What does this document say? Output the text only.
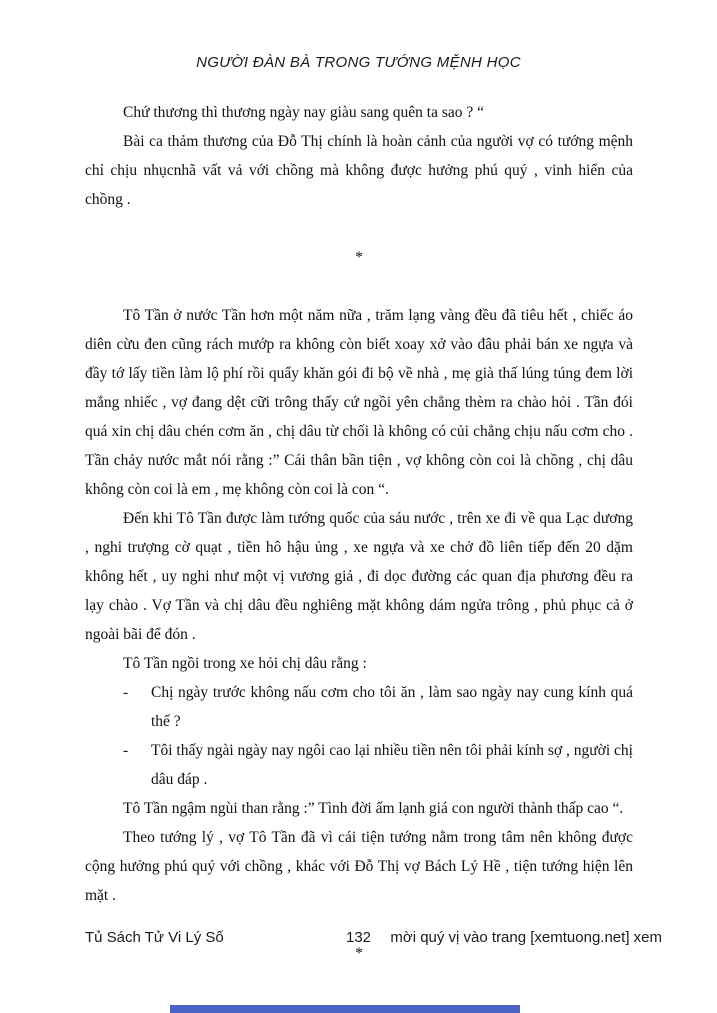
NGƯỜI ĐÀN BÀ TRONG TƯỚNG MỆNH HỌC

Chứ thương thì thương ngày nay giàu sang quên ta sao ? “

Bài ca thảm thương của Đỗ Thị chính là hoàn cảnh của người vợ có tướng mệnh chỉ chịu nhụcnhã vất vả với chồng mà không được hưởng phú quý , vinh hiển của chồng .

*

Tô Tần ở nước Tần hơn một năm nữa , trăm lạng vàng đều đã tiêu hết , chiếc áo diên cừu đen cũng rách mướp ra không còn biết xoay xở vào đâu phải bán xe ngựa và đầy tớ lấy tiền làm lộ phí rồi quẩy khăn gói đi bộ về nhà , mẹ già thấ lúng túng đem lời mắng nhiếc , vợ đang dệt cữi trông thấy cứ ngồi yên chẳng thèm ra chào hỏi . Tần đói quá xin chị dâu chén cơm ăn , chị dâu từ chối là không có củi chẳng chịu nấu cơm cho . Tần chảy nước mắt nói rằng :” Cái thân bần tiện , vợ không còn coi là chồng , chị dâu không còn coi là em , mẹ không còn coi là con “.

Đến khi Tô Tần được làm tướng quốc của sáu nước , trên xe đi về qua Lạc dương , nghi trượng cờ quạt , tiền hô hậu ủng , xe ngựa và xe chở đồ liên tiếp đến 20 dặm không hết , uy nghi như một vị vương giả , đi dọc đường các quan địa phương đều ra lạy chào . Vợ Tần và chị dâu đều nghiêng mặt không dám ngửa trông , phủ phục cả ở ngoài bãi để đón .

Tô Tần ngồi trong xe hỏi chị dâu rằng :

-	Chị ngày trước không nấu cơm cho tôi ăn , làm sao ngày nay cung kính quá thế ?
-	Tôi thấy ngài ngày nay ngôi cao lại nhiều tiền nên tôi phải kính sợ , người chị dâu đáp .

Tô Tần ngậm ngùi than rằng :” Tình đời ấm lạnh giá con người thành thấp cao “.

Theo tướng lý , vợ Tô Tần đã vì cái tiện tướng nằm trong tâm nên không được cộng hưởng phú quý với chồng , khác với Đỗ Thị vợ Bách Lý Hề , tiện tướng hiện lên mặt .

*

Tủ Sách Tử Vi Lý Số	132 mời quý vị vào trang [xemtuong.net] xem
